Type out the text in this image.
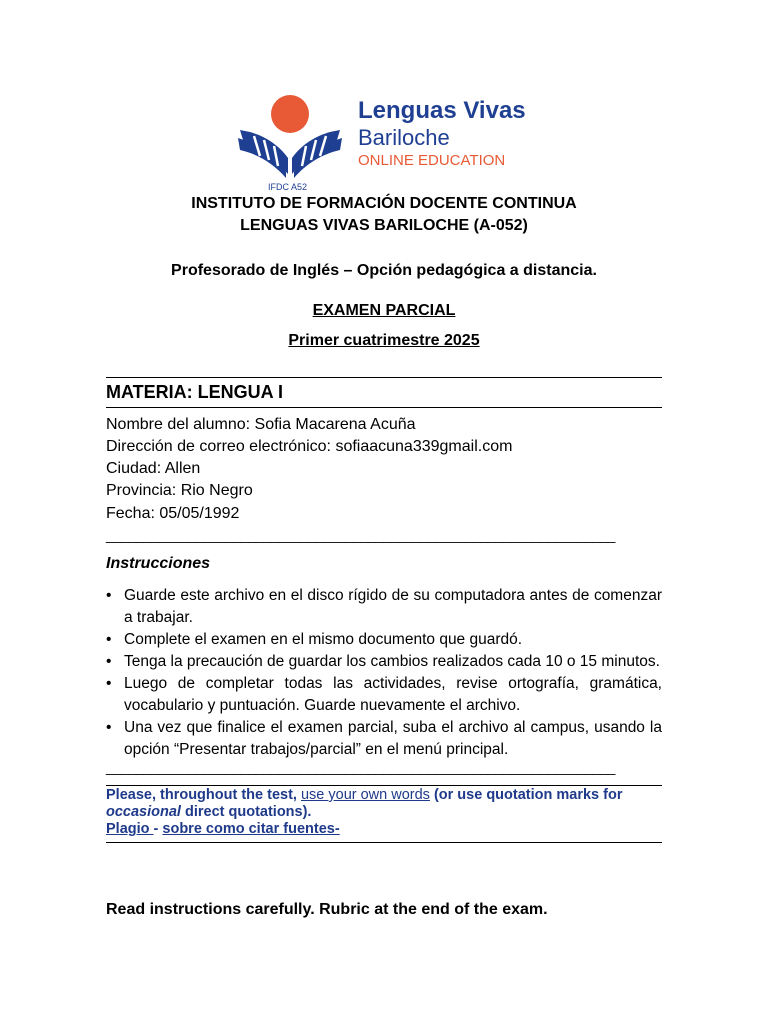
Lenguas Vivas
Bariloche
ONLINE EDUCATION
IFDC A52
INSTITUTO DE FORMACIÓN DOCENTE CONTINUA
LENGUAS VIVAS BARILOCHE (A-052)
Profesorado de Inglés – Opción pedagógica a distancia.
EXAMEN PARCIAL
Primer cuatrimestre 2025
MATERIA: LENGUA I
Nombre del alumno: Sofia Macarena Acuña
Dirección de correo electrónico: sofiaacuna339gmail.com
Ciudad: Allen
Provincia: Rio Negro
Fecha: 05/05/1992
____________________________________________________________________
Instrucciones
• Guarde este archivo en el disco rígido de su computadora antes de comenzar a trabajar.
• Complete el examen en el mismo documento que guardó.
• Tenga la precaución de guardar los cambios realizados cada 10 o 15 minutos.
• Luego de completar todas las actividades, revise ortografía, gramática, vocabulario y puntuación. Guarde nuevamente el archivo.
• Una vez que finalice el examen parcial, suba el archivo al campus, usando la opción “Presentar trabajos/parcial” en el menú principal.
____________________________________________________________________
Please, throughout the test, use your own words (or use quotation marks for
occasional direct quotations).
Plagio - sobre como citar fuentes-
Read instructions carefully. Rubric at the end of the exam.
